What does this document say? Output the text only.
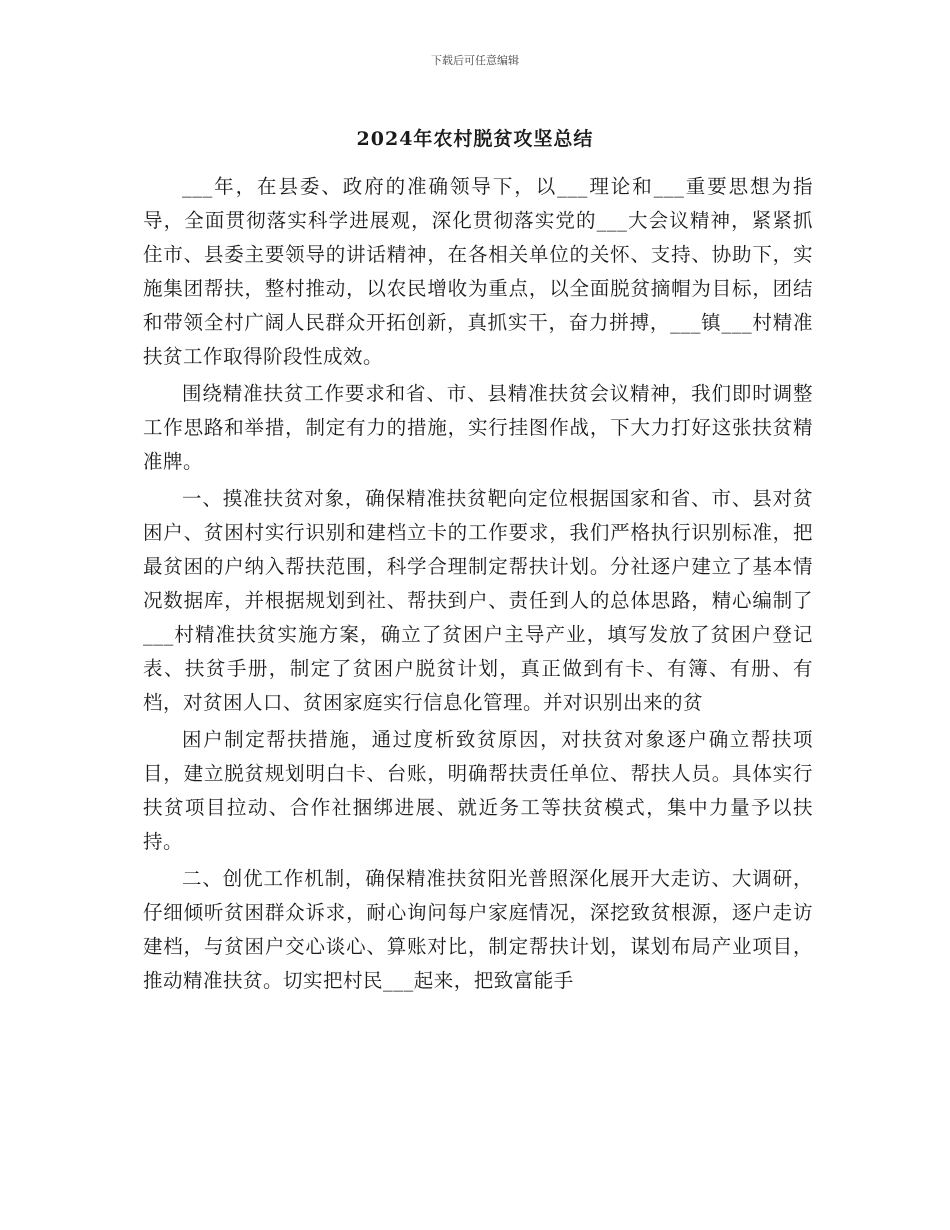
下载后可任意编辑
2024年农村脱贫攻坚总结

___年，在县委、政府的准确领导下，以___理论和___重要思想为指导，全面贯彻落实科学进展观，深化贯彻落实党的___大会议精神，紧紧抓住市、县委主要领导的讲话精神，在各相关单位的关怀、支持、协助下，实施集团帮扶，整村推动，以农民增收为重点，以全面脱贫摘帽为目标，团结和带领全村广阔人民群众开拓创新，真抓实干，奋力拼搏，___镇___村精准扶贫工作取得阶段性成效。

围绕精准扶贫工作要求和省、市、县精准扶贫会议精神，我们即时调整工作思路和举措，制定有力的措施，实行挂图作战，下大力打好这张扶贫精准牌。

一、摸准扶贫对象，确保精准扶贫靶向定位根据国家和省、市、县对贫困户、贫困村实行识别和建档立卡的工作要求，我们严格执行识别标准，把最贫困的户纳入帮扶范围，科学合理制定帮扶计划。分社逐户建立了基本情况数据库，并根据规划到社、帮扶到户、责任到人的总体思路，精心编制了___村精准扶贫实施方案，确立了贫困户主导产业，填写发放了贫困户登记表、扶贫手册，制定了贫困户脱贫计划，真正做到有卡、有簿、有册、有档，对贫困人口、贫困家庭实行信息化管理。并对识别出来的贫

困户制定帮扶措施，通过度析致贫原因，对扶贫对象逐户确立帮扶项目，建立脱贫规划明白卡、台账，明确帮扶责任单位、帮扶人员。具体实行扶贫项目拉动、合作社捆绑进展、就近务工等扶贫模式，集中力量予以扶持。

二、创优工作机制，确保精准扶贫阳光普照深化展开大走访、大调研，仔细倾听贫困群众诉求，耐心询问每户家庭情况，深挖致贫根源，逐户走访建档，与贫困户交心谈心、算账对比，制定帮扶计划，谋划布局产业项目，推动精准扶贫。切实把村民___起来，把致富能手
